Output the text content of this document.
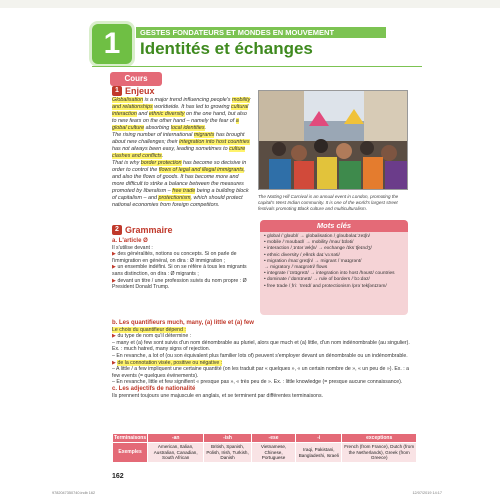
1	GESTES FONDATEURS ET MONDES EN MOUVEMENT
Identités et échanges
Cours
1 Enjeux

Globalisation is a major trend influencing people's mobility and relationships worldwide. It has led to growing cultural interaction and ethnic diversity on the one hand, but also to new fears on the other hand – namely the fear of a global culture absorbing local identities.

The rising number of international migrants has brought about new challenges; their integration into host countries has not always been easy, leading sometimes to culture clashes and conflicts.

That is why border protection has become so decisive in order to control the flows of legal and illegal immigrants, and also the flows of goods. It has become more and more difficult to strike a balance between the measures promoted by liberalism – free trade being a building block of capitalism – and protectionism, which should protect national economies from foreign competitors.

The Notting Hill Carnival is an annual event in London, promoting the capital's West Indian community. It is one of the world's largest street festivals promoting Black culture and multiculturalism.
2 Grammaire
a. L'article Ø
Il s'utilise devant :
▶ des généralités, notions ou concepts. Si on parle de l'immigration en général, on dira : Ø immigration ;
▶ un ensemble indéfini. Si on se réfère à tous les migrants sans distinction, on dira : Ø migrants ;
▶ devant un titre / une profession suivis du nom propre : Ø President Donald Trump.
Mots clés
• global /ˈɡləʊbl/ → globalisation /ˌɡləʊbəlaɪˈzeɪʃn/
• mobile /ˈməʊbaɪl/ → mobility /məʊˈbɪləti/
• interaction /ˌɪntərˈækʃn/ → exchange /ɪksˈtʃeɪndʒ/
• ethnic diversity /ˌeθnɪk daɪˈvɜːsəti/
• migration /maɪˈɡreɪʃn/ → migrant /ˈmaɪɡrənt/
→ migratory /ˈmaɪɡrətri/ flows
• integrate /ˈɪntɪɡreɪt/ → integration into host /həʊst/ countries
• dominate /ˈdɒmɪneɪt/ → rule of borders /ˈbɔːdəz/
• free trade /ˌfriː ˈtreɪd/ and protectionism /prəˈtekʃənɪzəm/
b. Les quantifieurs much, many, (a) little et (a) few
Le choix du quantifieur dépend :
▶ du type de nom qu'il détermine :
– many et (a) few sont suivis d'un nom dénombrable au pluriel, alors que much et (a) little, d'un nom indénombrable (au singulier). Ex. : much hatred, many signs of rejection.
– En revanche, a lot of (ou son équivalent plus familier lots of) peuvent s'employer devant un dénombrable ou un indénombrable.
▶ de la connotation visée, positive ou négative :
– A little / a few impliquent une certaine quantité (on les traduit par « quelques », « un certain nombre de », « un peu de »). Ex. : a few events (= quelques événements).
– En revanche, little et few signifient « presque pas », « très peu de ». Ex. : little knowledge (= presque aucune connaissance).
c. Les adjectifs de nationalité
Ils prennent toujours une majuscule en anglais, et se terminent par différentes terminaisons.
Terminaisons	-an	-ish	-ese	-i	exceptions
Exemples	American, Italian, Australian, Canadian, South African	British, Spanish, Polish, Irish, Turkish, Danish	Vietnamese, Chinese, Portuguese	Iraqi, Pakistani, Bangladeshi, Israeli	French (from France), Dutch (from the Netherlands), Greek (from Greece)
162
9782047350740.indb 162	12/07/2019 14:17
